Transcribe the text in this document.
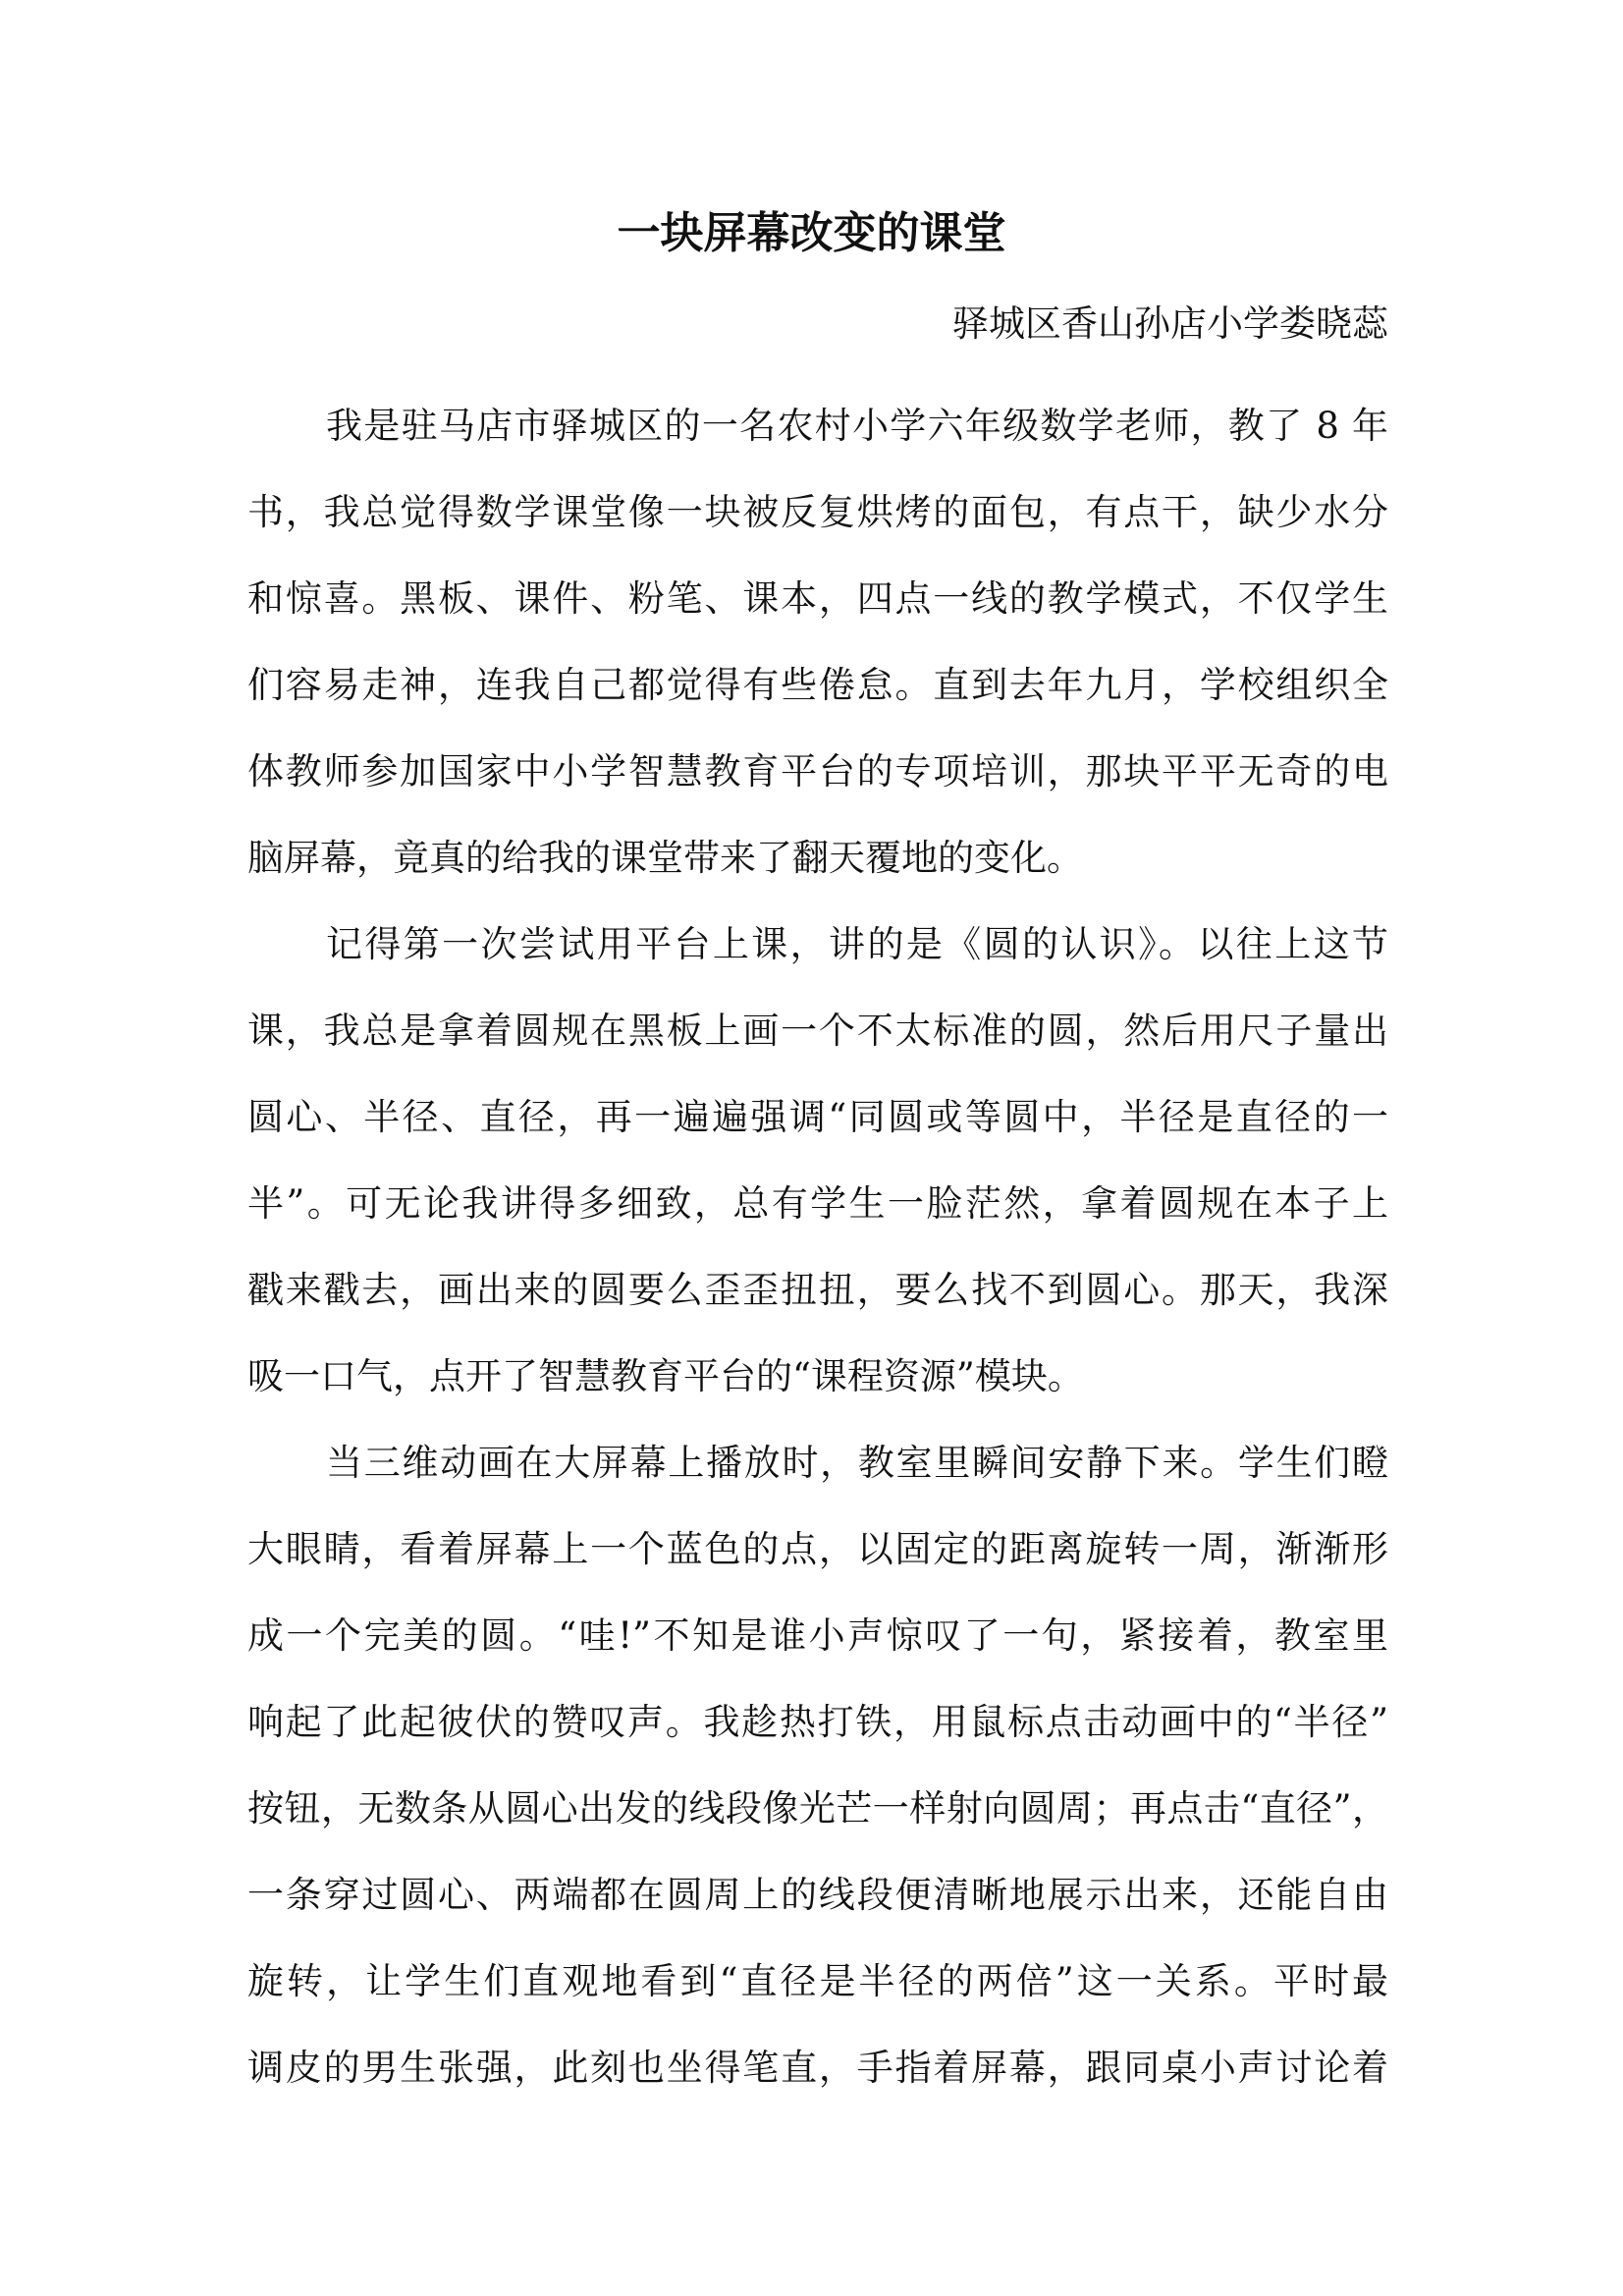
一块屏幕改变的课堂

驿城区香山孙店小学娄晓蕊

我是驻马店市驿城区的一名农村小学六年级数学老师，教了 8 年
书，我总觉得数学课堂像一块被反复烘烤的面包，有点干，缺少水分
和惊喜。黑板、课件、粉笔、课本，四点一线的教学模式，不仅学生
们容易走神，连我自己都觉得有些倦怠。直到去年九月，学校组织全
体教师参加国家中小学智慧教育平台的专项培训，那块平平无奇的电
脑屏幕，竟真的给我的课堂带来了翻天覆地的变化。
记得第一次尝试用平台上课，讲的是《圆的认识》。以往上这节
课，我总是拿着圆规在黑板上画一个不太标准的圆，然后用尺子量出
圆心、半径、直径，再一遍遍强调“同圆或等圆中，半径是直径的一
半”。可无论我讲得多细致，总有学生一脸茫然，拿着圆规在本子上
戳来戳去，画出来的圆要么歪歪扭扭，要么找不到圆心。那天，我深
吸一口气，点开了智慧教育平台的“课程资源”模块。
当三维动画在大屏幕上播放时，教室里瞬间安静下来。学生们瞪
大眼睛，看着屏幕上一个蓝色的点，以固定的距离旋转一周，渐渐形
成一个完美的圆。“哇!”不知是谁小声惊叹了一句，紧接着，教室里
响起了此起彼伏的赞叹声。我趁热打铁，用鼠标点击动画中的“半径”
按钮，无数条从圆心出发的线段像光芒一样射向圆周；再点击“直径”，
一条穿过圆心、两端都在圆周上的线段便清晰地展示出来，还能自由
旋转，让学生们直观地看到“直径是半径的两倍”这一关系。平时最
调皮的男生张强，此刻也坐得笔直，手指着屏幕，跟同桌小声讨论着
